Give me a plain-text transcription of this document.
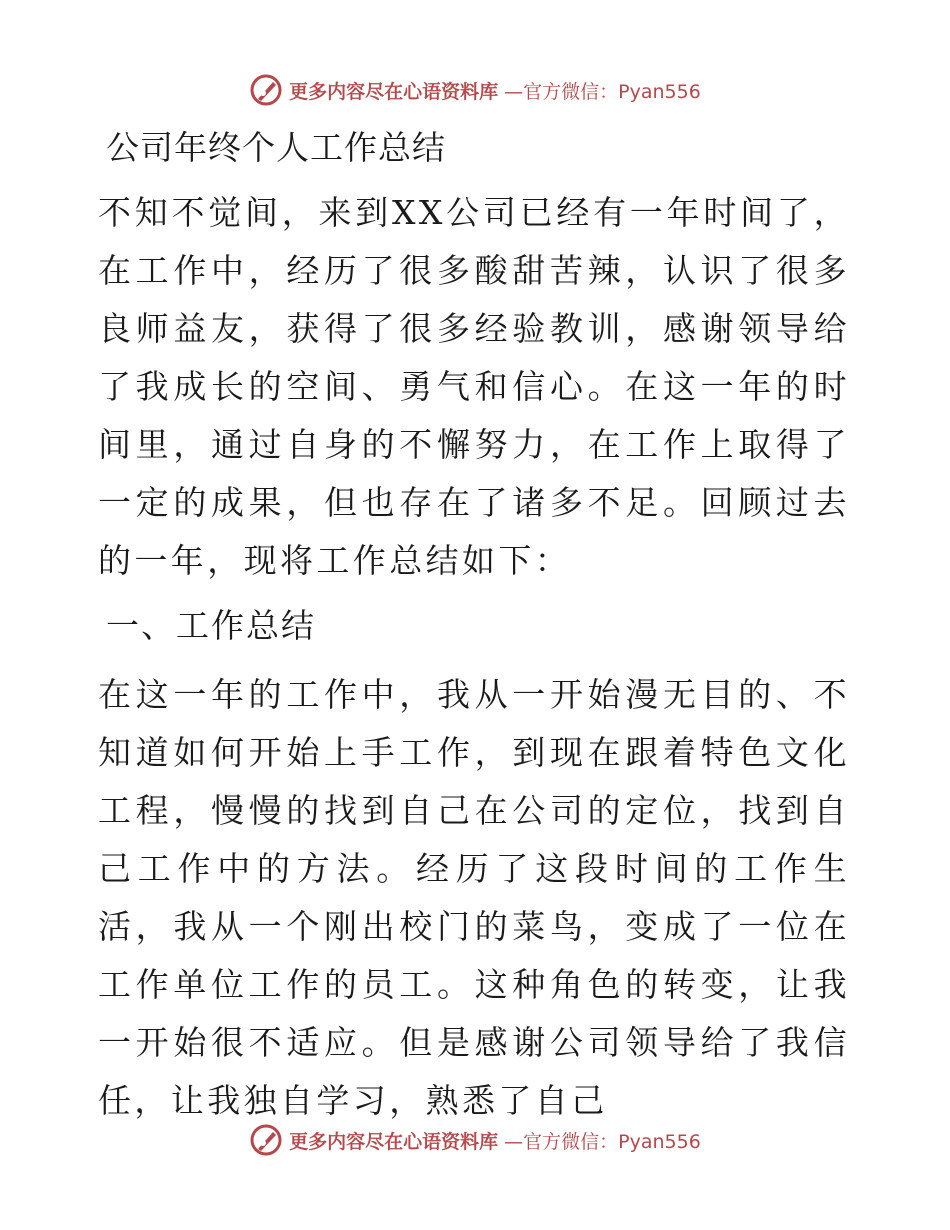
更多内容尽在心语资料库 —官方微信：Pyan556
公司年终个人工作总结

不知不觉间，来到XX公司已经有一年时间了，在工作中，经历了很多酸甜苦辣，认识了很多良师益友，获得了很多经验教训，感谢领导给了我成长的空间、勇气和信心。在这一年的时间里，通过自身的不懈努力，在工作上取得了一定的成果，但也存在了诸多不足。回顾过去的一年，现将工作总结如下：

一、工作总结

在这一年的工作中，我从一开始漫无目的、不知道如何开始上手工作，到现在跟着特色文化工程，慢慢的找到自己在公司的定位，找到自己工作中的方法。经历了这段时间的工作生活，我从一个刚出校门的菜鸟，变成了一位在工作单位工作的员工。这种角色的转变，让我一开始很不适应。但是感谢公司领导给了我信任，让我独自学习，熟悉了自己

更多内容尽在心语资料库 —官方微信：Pyan556
